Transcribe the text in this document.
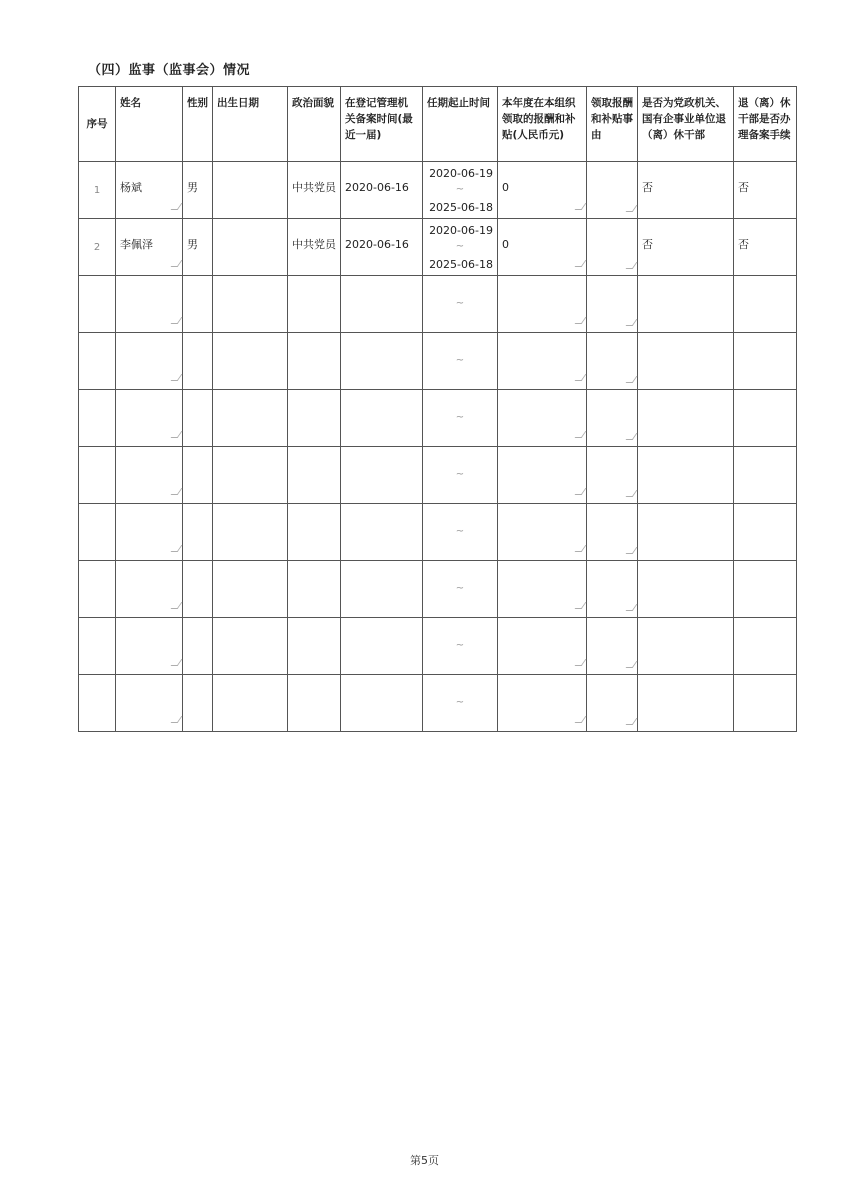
（四）监事（监事会）情况
序号	姓名	性别	出生日期	政治面貌	在登记管理机关备案时间(最近一届)	任期起止时间	本年度在本组织领取的报酬和补贴(人民币元)	领取报酬和补贴事由	是否为党政机关、国有企事业单位退（离）休干部	退（离）休干部是否办理备案手续

1	杨斌	男		中共党员	2020-06-16	2020-06-19
~
2025-06-18	0		否	否

2	李佩泽	男		中共党员	2020-06-16	2020-06-19
~
2025-06-18	0		否	否

						~				

						~				

						~				

						~				

						~				

						~				

						~				

						~				

第5页
